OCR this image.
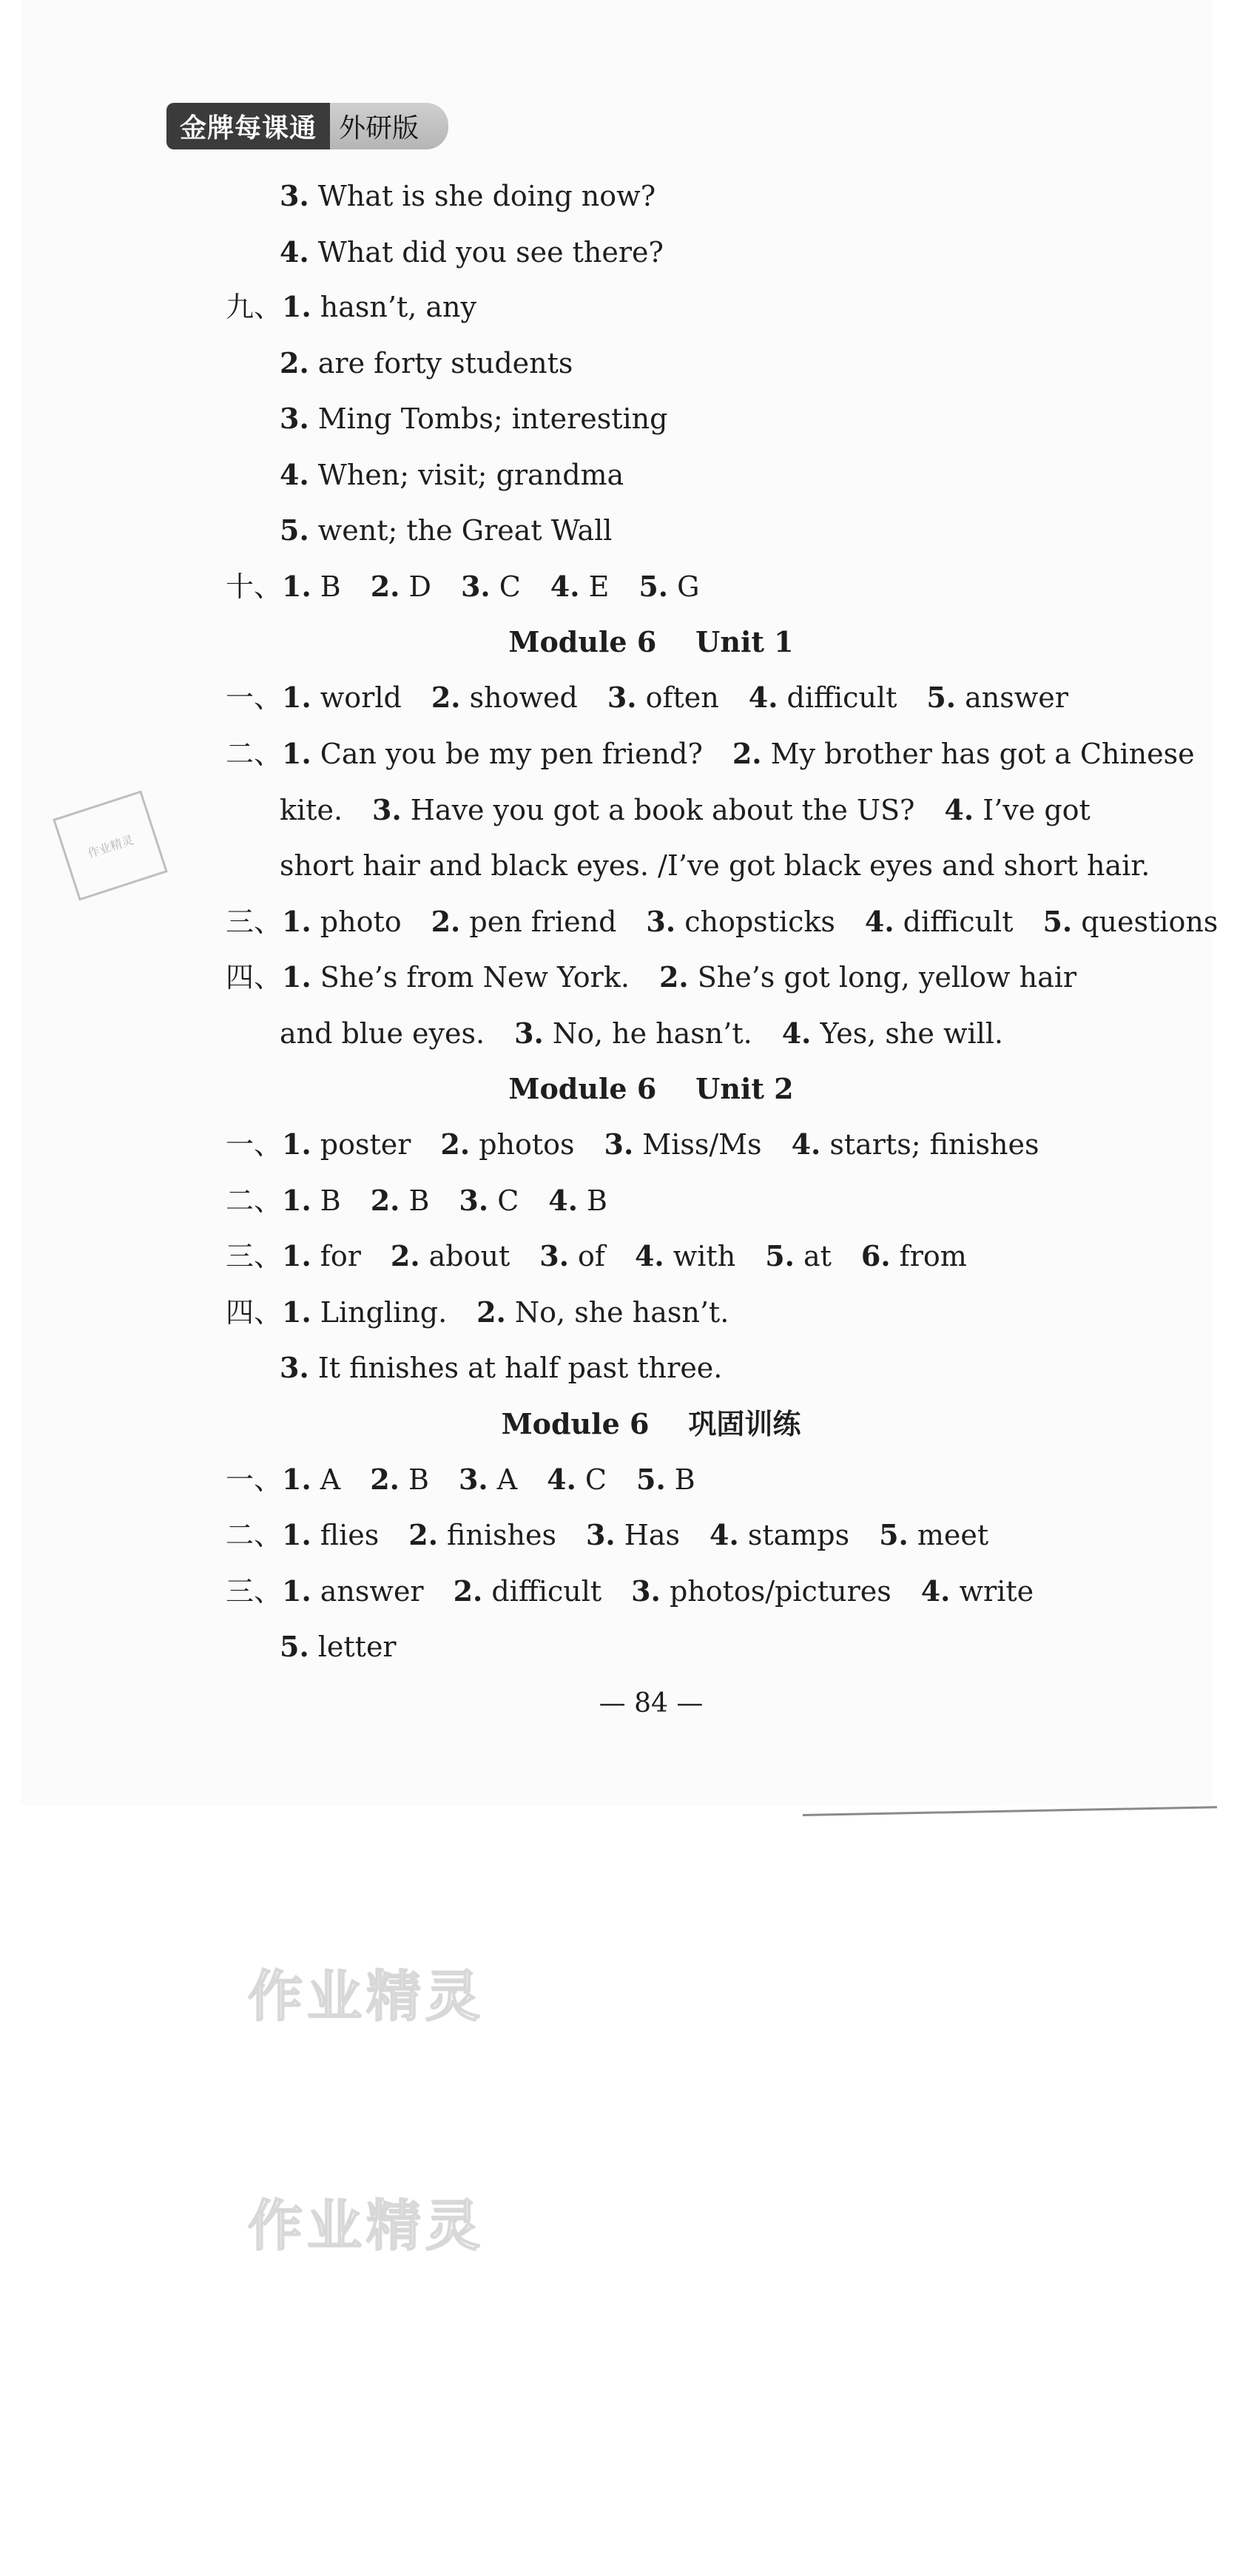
金牌每课通 外研版
3. What is she doing now?
4. What did you see there?
九、1. hasn’t, any
2. are forty students
3. Ming Tombs; interesting
4. When; visit; grandma
5. went; the Great Wall
十、1. B 2. D 3. C 4. E 5. G
Module 6    Unit 1
一、1. world 2. showed 3. often 4. difficult 5. answer
二、1. Can you be my pen friend? 2. My brother has got a Chinese
kite. 3. Have you got a book about the US? 4. I’ve got
short hair and black eyes. /I’ve got black eyes and short hair.
三、1. photo 2. pen friend 3. chopsticks 4. difficult 5. questions
四、1. She’s from New York. 2. She’s got long, yellow hair
and blue eyes. 3. No, he hasn’t. 4. Yes, she will.
Module 6    Unit 2
一、1. poster 2. photos 3. Miss/Ms 4. starts; finishes
二、1. B 2. B 3. C 4. B
三、1. for 2. about 3. of 4. with 5. at 6. from
四、1. Lingling. 2. No, she hasn’t.
3. It finishes at half past three.
Module 6    巩固训练
一、1. A 2. B 3. A 4. C 5. B
二、1. flies 2. finishes 3. Has 4. stamps 5. meet
三、1. answer 2. difficult 3. photos/pictures 4. write
5. letter
— 84 —
作业精灵
作业精灵
作业精灵
